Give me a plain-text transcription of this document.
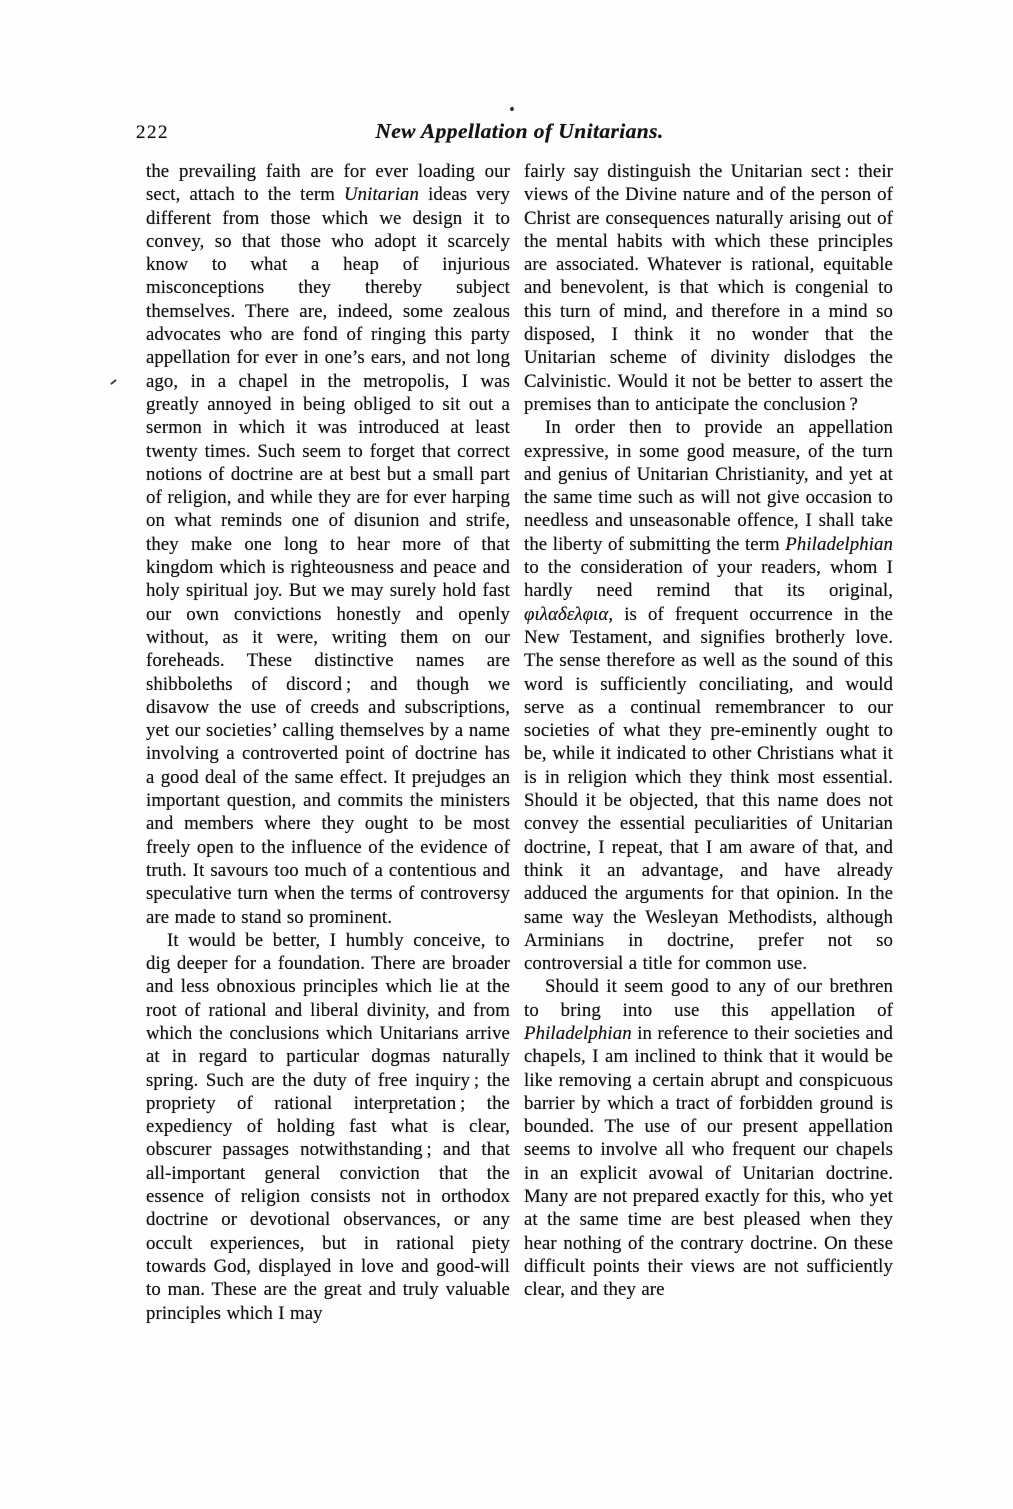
222	New Appellation of Unitarians.

the prevailing faith are for ever loading our sect, attach to the term Unitarian ideas very different from those which we design it to convey, so that those who adopt it scarcely know to what a heap of injurious misconceptions they thereby subject themselves. There are, indeed, some zealous advocates who are fond of ringing this party appellation for ever in one’s ears, and not long ago, in a chapel in the metropolis, I was greatly annoyed in being obliged to sit out a sermon in which it was introduced at least twenty times. Such seem to forget that correct notions of doctrine are at best but a small part of religion, and while they are for ever harping on what reminds one of disunion and strife, they make one long to hear more of that kingdom which is righteousness and peace and holy spiritual joy. But we may surely hold fast our own convictions honestly and openly without, as it were, writing them on our foreheads. These distinctive names are shibboleths of discord ; and though we disavow the use of creeds and subscriptions, yet our societies’ calling themselves by a name involving a controverted point of doctrine has a good deal of the same effect. It prejudges an important question, and commits the ministers and members where they ought to be most freely open to the influence of the evidence of truth. It savours too much of a contentious and speculative turn when the terms of controversy are made to stand so prominent.

It would be better, I humbly conceive, to dig deeper for a foundation. There are broader and less obnoxious principles which lie at the root of rational and liberal divinity, and from which the conclusions which Unitarians arrive at in regard to particular dogmas naturally spring. Such are the duty of free inquiry ; the propriety of rational interpretation ; the expediency of holding fast what is clear, obscurer passages notwithstanding ; and that all-important general conviction that the essence of religion consists not in orthodox doctrine or devotional observances, or any occult experiences, but in rational piety towards God, displayed in love and good-will to man. These are the great and truly valuable principles which I may

fairly say distinguish the Unitarian sect : their views of the Divine nature and of the person of Christ are consequences naturally arising out of the mental habits with which these principles are associated. Whatever is rational, equitable and benevolent, is that which is congenial to this turn of mind, and therefore in a mind so disposed, I think it no wonder that the Unitarian scheme of divinity dislodges the Calvinistic. Would it not be better to assert the premises than to anticipate the conclusion ?

In order then to provide an appellation expressive, in some good measure, of the turn and genius of Unitarian Christianity, and yet at the same time such as will not give occasion to needless and unseasonable offence, I shall take the liberty of submitting the term Philadelphian to the consideration of your readers, whom I hardly need remind that its original, φιλαδελφια, is of frequent occurrence in the New Testament, and signifies brotherly love. The sense therefore as well as the sound of this word is sufficiently conciliating, and would serve as a continual remembrancer to our societies of what they pre-eminently ought to be, while it indicated to other Christians what it is in religion which they think most essential. Should it be objected, that this name does not convey the essential peculiarities of Unitarian doctrine, I repeat, that I am aware of that, and think it an advantage, and have already adduced the arguments for that opinion. In the same way the Wesleyan Methodists, although Arminians in doctrine, prefer not so controversial a title for common use.

Should it seem good to any of our brethren to bring into use this appellation of Philadelphian in reference to their societies and chapels, I am inclined to think that it would be like removing a certain abrupt and conspicuous barrier by which a tract of forbidden ground is bounded. The use of our present appellation seems to involve all who frequent our chapels in an explicit avowal of Unitarian doctrine. Many are not prepared exactly for this, who yet at the same time are best pleased when they hear nothing of the contrary doctrine. On these difficult points their views are not sufficiently clear, and they are
